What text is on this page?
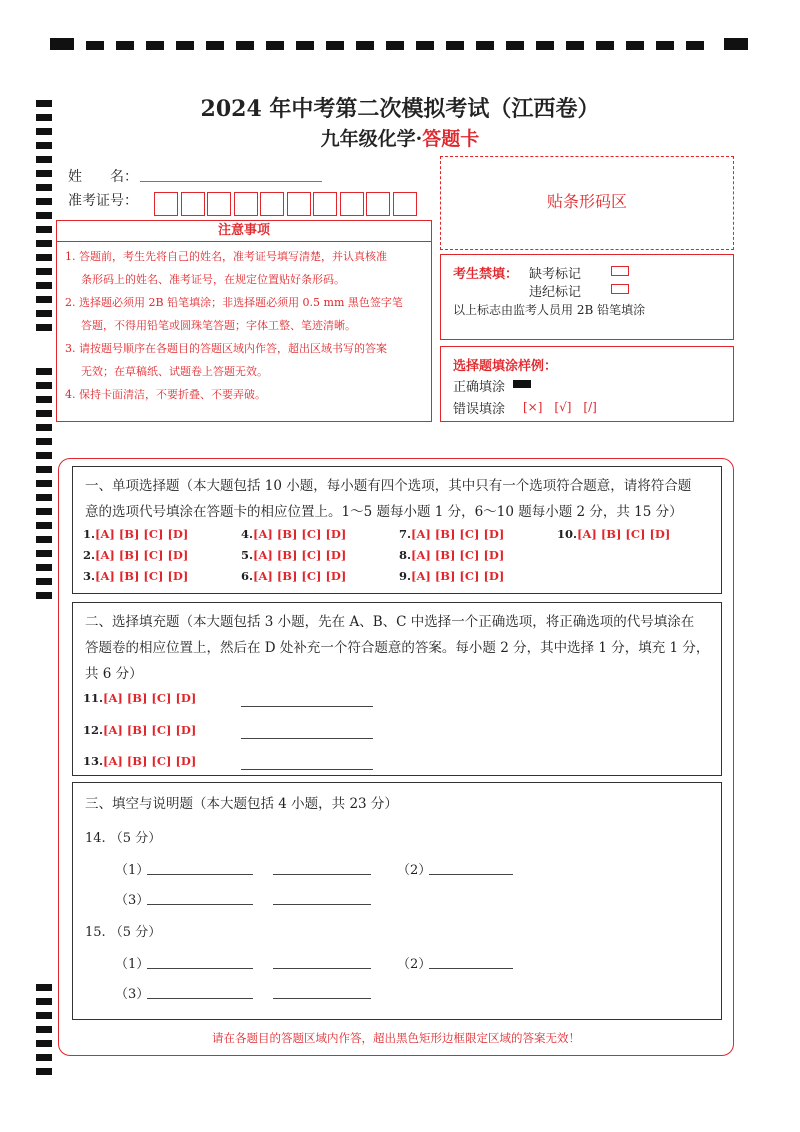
2024 年中考第二次模拟考试（江西卷）
九年级化学·答题卡
姓　　名：
准考证号：	贴条形码区
注意事项
1. 答题前，考生先将自己的姓名，准考证号填写清楚，并认真核准
条形码上的姓名、准考证号，在规定位置贴好条形码。
2. 选择题必须用 2B 铅笔填涂；非选择题必须用 0.5 mm 黑色签字笔
答题，不得用铅笔或圆珠笔答题；字体工整、笔迹清晰。
3. 请按题号顺序在各题目的答题区域内作答，超出区域书写的答案
无效；在草稿纸、试题卷上答题无效。
4. 保持卡面清洁，不要折叠、不要弄破。
考生禁填： 缺考标记
违纪标记
以上标志由监考人员用 2B 铅笔填涂
选择题填涂样例：
正确填涂
错误填涂 [×]　[√]　[/]
一、单项选择题（本大题包括 10 小题，每小题有四个选项，其中只有一个选项符合题意，请将符合题
意的选项代号填涂在答题卡的相应位置上。1～5 题每小题 1 分，6～10 题每小题 2 分，共 15 分）
1.[A] [B] [C] [D]
2.[A] [B] [C] [D]
3.[A] [B] [C] [D]
4.[A] [B] [C] [D]
5.[A] [B] [C] [D]
6.[A] [B] [C] [D]
7.[A] [B] [C] [D]
8.[A] [B] [C] [D]
9.[A] [B] [C] [D]
10.[A] [B] [C] [D]
二、选择填充题（本大题包括 3 小题，先在 A、B、C 中选择一个正确选项，将正确选项的代号填涂在
答题卷的相应位置上，然后在 D 处补充一个符合题意的答案。每小题 2 分，其中选择 1 分，填充 1 分，
共 6 分）
11.[A] [B] [C] [D]
12.[A] [B] [C] [D]
13.[A] [B] [C] [D]
三、填空与说明题（本大题包括 4 小题，共 23 分）
14. （5 分）
（1）	（2）
（3）
15. （5 分）
（1）	（2）
（3）
请在各题目的答题区域内作答，超出黑色矩形边框限定区域的答案无效！
